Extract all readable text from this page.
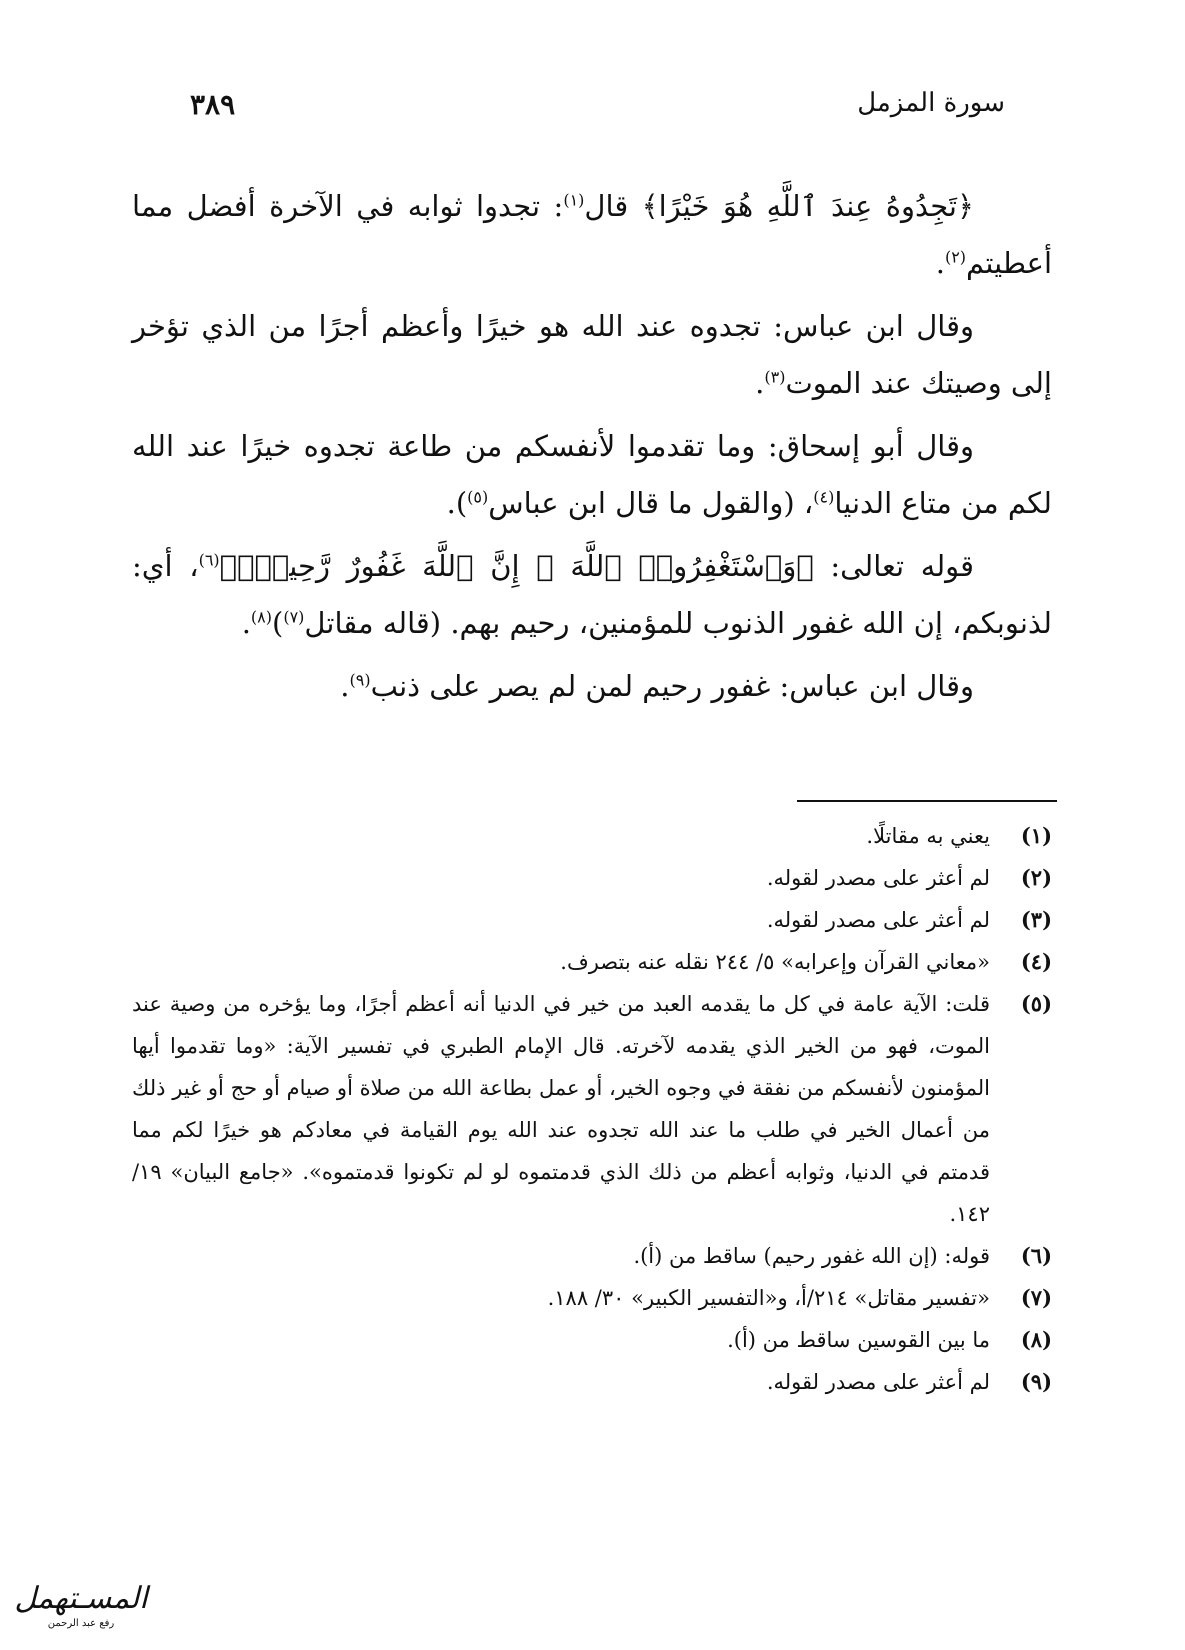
سورة المزمل
٣٨٩

﴿تَجِدُوهُ عِندَ ٱللَّهِ هُوَ خَيْرًا﴾ قال$^{(١)}$: تجدوا ثوابه في الآخرة أفضل مما أعطيتم$^{(٢)}$.

وقال ابن عباس: تجدوه عند الله هو خيرًا وأعظم أجرًا من الذي تؤخر إلى وصيتك عند الموت$^{(٣)}$.

وقال أبو إسحاق: وما تقدموا لأنفسكم من طاعة تجدوه خيرًا عند الله لكم من متاع الدنيا$^{(٤)}$، (والقول ما قال ابن عباس$^{(٥)}$).

قوله تعالى: ﴿وَٱسْتَغْفِرُوا۟ ٱللَّهَ ۖ إِنَّ ٱللَّهَ غَفُورٌ رَّحِيمٌۢ﴾$^{(٦)}$، أي: لذنوبكم، إن الله غفور الذنوب للمؤمنين، رحيم بهم. (قاله مقاتل$^{(٧)}$)$^{(٨)}$.

وقال ابن عباس: غفور رحيم لمن لم يصر على ذنب$^{(٩)}$.

(١)
يعني به مقاتلًا.
(٢)
لم أعثر على مصدر لقوله.
(٣)
لم أعثر على مصدر لقوله.
(٤)
«معاني القرآن وإعرابه» ٥/ ٢٤٤ نقله عنه بتصرف.
(٥)
قلت: الآية عامة في كل ما يقدمه العبد من خير في الدنيا أنه أعظم أجرًا، وما يؤخره من وصية عند الموت، فهو من الخير الذي يقدمه لآخرته. قال الإمام الطبري في تفسير الآية: «وما تقدموا أيها المؤمنون لأنفسكم من نفقة في وجوه الخير، أو عمل بطاعة الله من صلاة أو صيام أو حج أو غير ذلك من أعمال الخير في طلب ما عند الله تجدوه عند الله يوم القيامة في معادكم هو خيرًا لكم مما قدمتم في الدنيا، وثوابه أعظم من ذلك الذي قدمتموه لو لم تكونوا قدمتموه». «جامع البيان» ١٩/ ١٤٢.
(٦)
قوله: (إن الله غفور رحيم) ساقط من (أ).
(٧)
«تفسير مقاتل» ٢١٤/أ، و«التفسير الكبير» ٣٠/ ١٨٨.
(٨)
ما بين القوسين ساقط من (أ).
(٩)
لم أعثر على مصدر لقوله.
المسـتهمل
رفع عبد الرحمن
